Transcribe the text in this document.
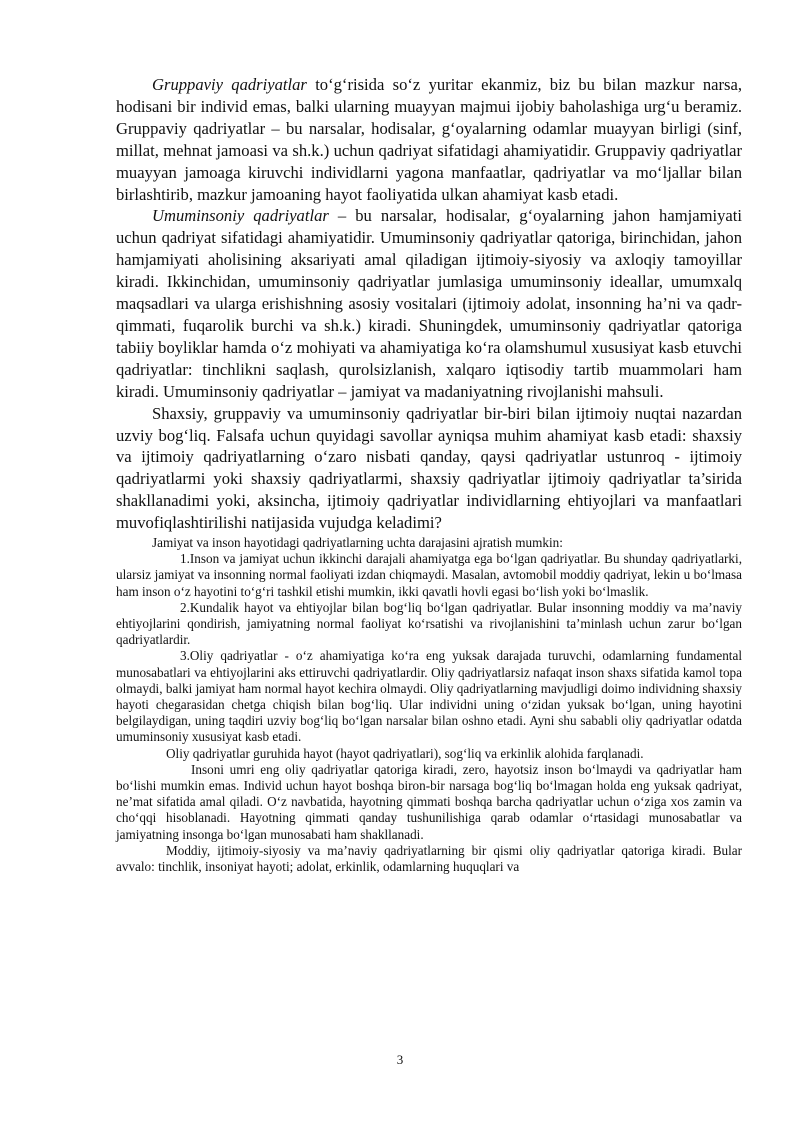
Gruppaviy qadriyatlar to‘g‘risida so‘z yuritar ekanmiz, biz bu bilan mazkur narsa, hodisani bir individ emas, balki ularning muayyan majmui ijobiy baholashiga urg‘u beramiz. Gruppaviy qadriyatlar – bu narsalar, hodisalar, g‘oyalarning odamlar muayyan birligi (sinf, millat, mehnat jamoasi va sh.k.) uchun qadriyat sifatidagi ahamiyatidir. Gruppaviy qadriyatlar muayyan jamoaga kiruvchi individlarni yagona manfaatlar, qadriyatlar va mo‘ljallar bilan birlashtirib, mazkur jamoaning hayot faoliyatida ulkan ahamiyat kasb etadi.

Umuminsoniy qadriyatlar – bu narsalar, hodisalar, g‘oyalarning jahon hamjamiyati uchun qadriyat sifatidagi ahamiyatidir. Umuminsoniy qadriyatlar qatoriga, birinchidan, jahon hamjamiyati aholisining aksariyati amal qiladigan ijtimoiy-siyosiy va axloqiy tamoyillar kiradi. Ikkinchidan, umuminsoniy qadriyatlar jumlasiga umuminsoniy ideallar, umumxalq maqsadlari va ularga erishishning asosiy vositalari (ijtimoiy adolat, insonning ha’ni va qadr-qimmati, fuqarolik burchi va sh.k.) kiradi. Shuningdek, umuminsoniy qadriyatlar qatoriga tabiiy boyliklar hamda o‘z mohiyati va ahamiyatiga ko‘ra olamshumul xususiyat kasb etuvchi qadriyatlar: tinchlikni saqlash, qurolsizlanish, xalqaro iqtisodiy tartib muammolari ham kiradi. Umuminsoniy qadriyatlar – jamiyat va madaniyatning rivojlanishi mahsuli.

Shaxsiy, gruppaviy va umuminsoniy qadriyatlar bir-biri bilan ijtimoiy nuqtai nazardan uzviy bog‘liq. Falsafa uchun quyidagi savollar ayniqsa muhim ahamiyat kasb etadi: shaxsiy va ijtimoiy qadriyatlarning o‘zaro nisbati qanday, qaysi qadriyatlar ustunroq - ijtimoiy qadriyatlarmi yoki shaxsiy qadriyatlarmi, shaxsiy qadriyatlar ijtimoiy qadriyatlar ta’sirida shakllanadimi yoki, aksincha, ijtimoiy qadriyatlar individlarning ehtiyojlari va manfaatlari muvofiqlashtirilishi natijasida vujudga keladimi?

Jamiyat va inson hayotidagi qadriyatlarning uchta darajasini ajratish mumkin:

1.Inson va jamiyat uchun ikkinchi darajali ahamiyatga ega bo‘lgan qadriyatlar. Bu shunday qadriyatlarki, ularsiz jamiyat va insonning normal faoliyati izdan chiqmaydi. Masalan, avtomobil moddiy qadriyat, lekin u bo‘lmasa ham inson o‘z hayotini to‘g‘ri tashkil etishi mumkin, ikki qavatli hovli egasi bo‘lish yoki bo‘lmaslik.

2.Kundalik hayot va ehtiyojlar bilan bog‘liq bo‘lgan qadriyatlar. Bular insonning moddiy va ma’naviy ehtiyojlarini qondirish, jamiyatning normal faoliyat ko‘rsatishi va rivojlanishini ta’minlash uchun zarur bo‘lgan qadriyatlardir.

3.Oliy qadriyatlar - o‘z ahamiyatiga ko‘ra eng yuksak darajada turuvchi, odamlarning fundamental munosabatlari va ehtiyojlarini aks ettiruvchi qadriyatlardir. Oliy qadriyatlarsiz nafaqat inson shaxs sifatida kamol topa olmaydi, balki jamiyat ham normal hayot kechira olmaydi. Oliy qadriyatlarning mavjudligi doimo individning shaxsiy hayoti chegarasidan chetga chiqish bilan bog‘liq. Ular individni uning o‘zidan yuksak bo‘lgan, uning hayotini belgilaydigan, uning taqdiri uzviy bog‘liq bo‘lgan narsalar bilan oshno etadi. Ayni shu sababli oliy qadriyatlar odatda umuminsoniy xususiyat kasb etadi.

Oliy qadriyatlar guruhida hayot (hayot qadriyatlari), sog‘liq va erkinlik alohida farqlanadi.

Insoni umri eng oliy qadriyatlar qatoriga kiradi, zero, hayotsiz inson bo‘lmaydi va qadriyatlar ham bo‘lishi mumkin emas. Individ uchun hayot boshqa biron-bir narsaga bog‘liq bo‘lmagan holda eng yuksak qadriyat, ne’mat sifatida amal qiladi. O‘z navbatida, hayotning qimmati boshqa barcha qadriyatlar uchun o‘ziga xos zamin va cho‘qqi hisoblanadi. Hayotning qimmati qanday tushunilishiga qarab odamlar o‘rtasidagi munosabatlar va jamiyatning insonga bo‘lgan munosabati ham shakllanadi.

Moddiy, ijtimoiy-siyosiy va ma’naviy qadriyatlarning bir qismi oliy qadriyatlar qatoriga kiradi. Bular avvalo: tinchlik, insoniyat hayoti; adolat, erkinlik, odamlarning huquqlari va

3
